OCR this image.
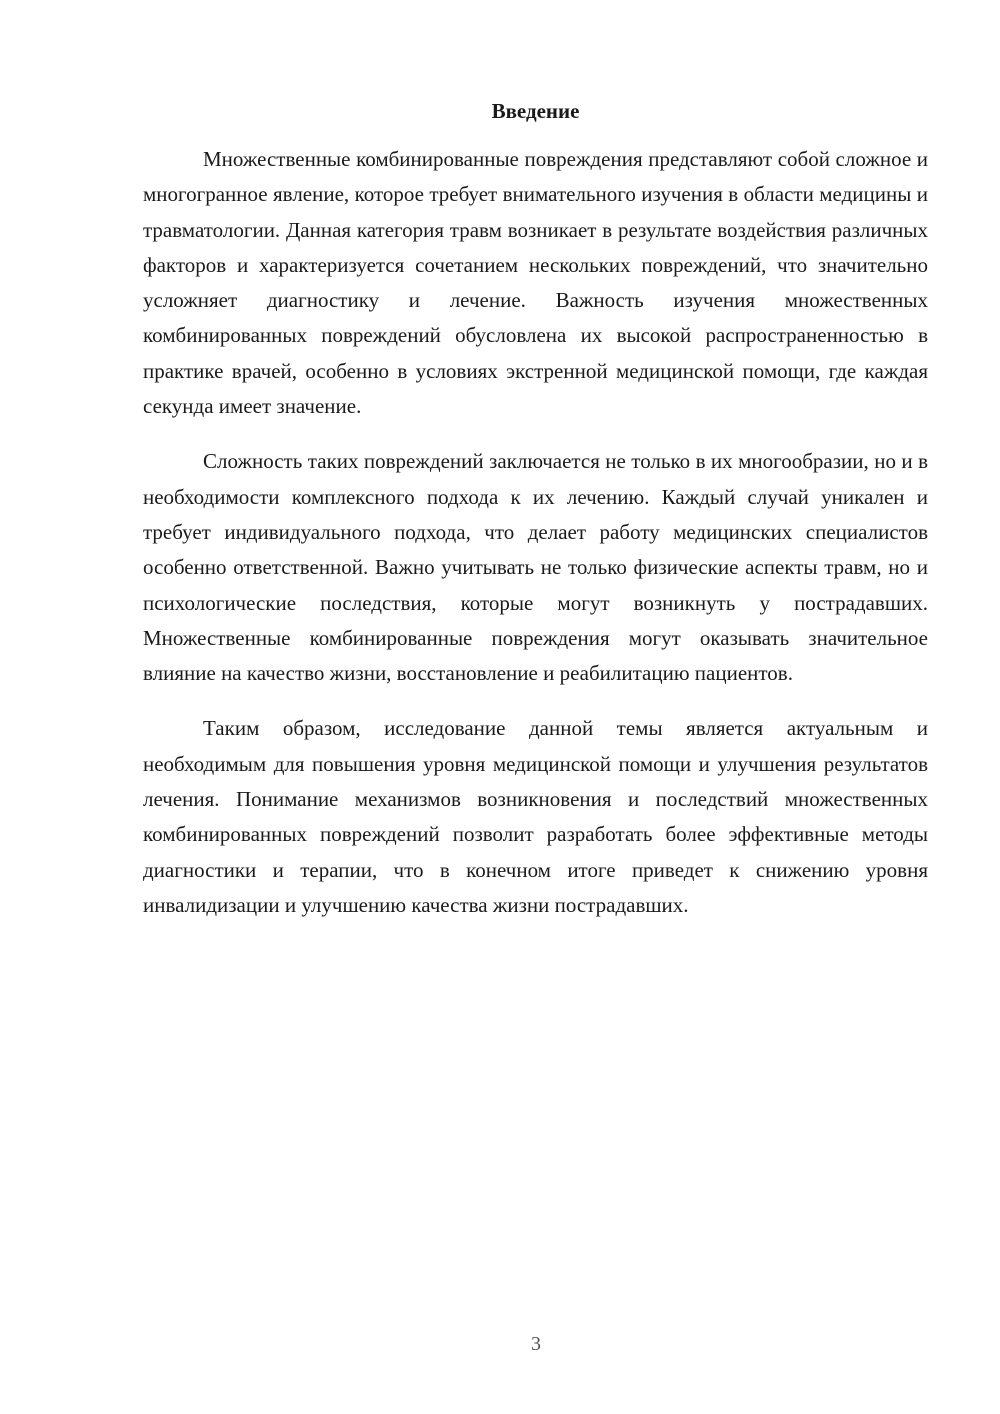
Введение

Множественные комбинированные повреждения представляют собой сложное и многогранное явление, которое требует внимательного изучения в области медицины и травматологии. Данная категория травм возникает в результате воздействия различных факторов и характеризуется сочетанием нескольких повреждений, что значительно усложняет диагностику и лечение. Важность изучения множественных комбинированных повреждений обусловлена их высокой распространенностью в практике врачей, особенно в условиях экстренной медицинской помощи, где каждая секунда имеет значение.

Сложность таких повреждений заключается не только в их многообразии, но и в необходимости комплексного подхода к их лечению. Каждый случай уникален и требует индивидуального подхода, что делает работу медицинских специалистов особенно ответственной. Важно учитывать не только физические аспекты травм, но и психологические последствия, которые могут возникнуть у пострадавших. Множественные комбинированные повреждения могут оказывать значительное влияние на качество жизни, восстановление и реабилитацию пациентов.

Таким образом, исследование данной темы является актуальным и необходимым для повышения уровня медицинской помощи и улучшения результатов лечения. Понимание механизмов возникновения и последствий множественных комбинированных повреждений позволит разработать более эффективные методы диагностики и терапии, что в конечном итоге приведет к снижению уровня инвалидизации и улучшению качества жизни пострадавших.

3
